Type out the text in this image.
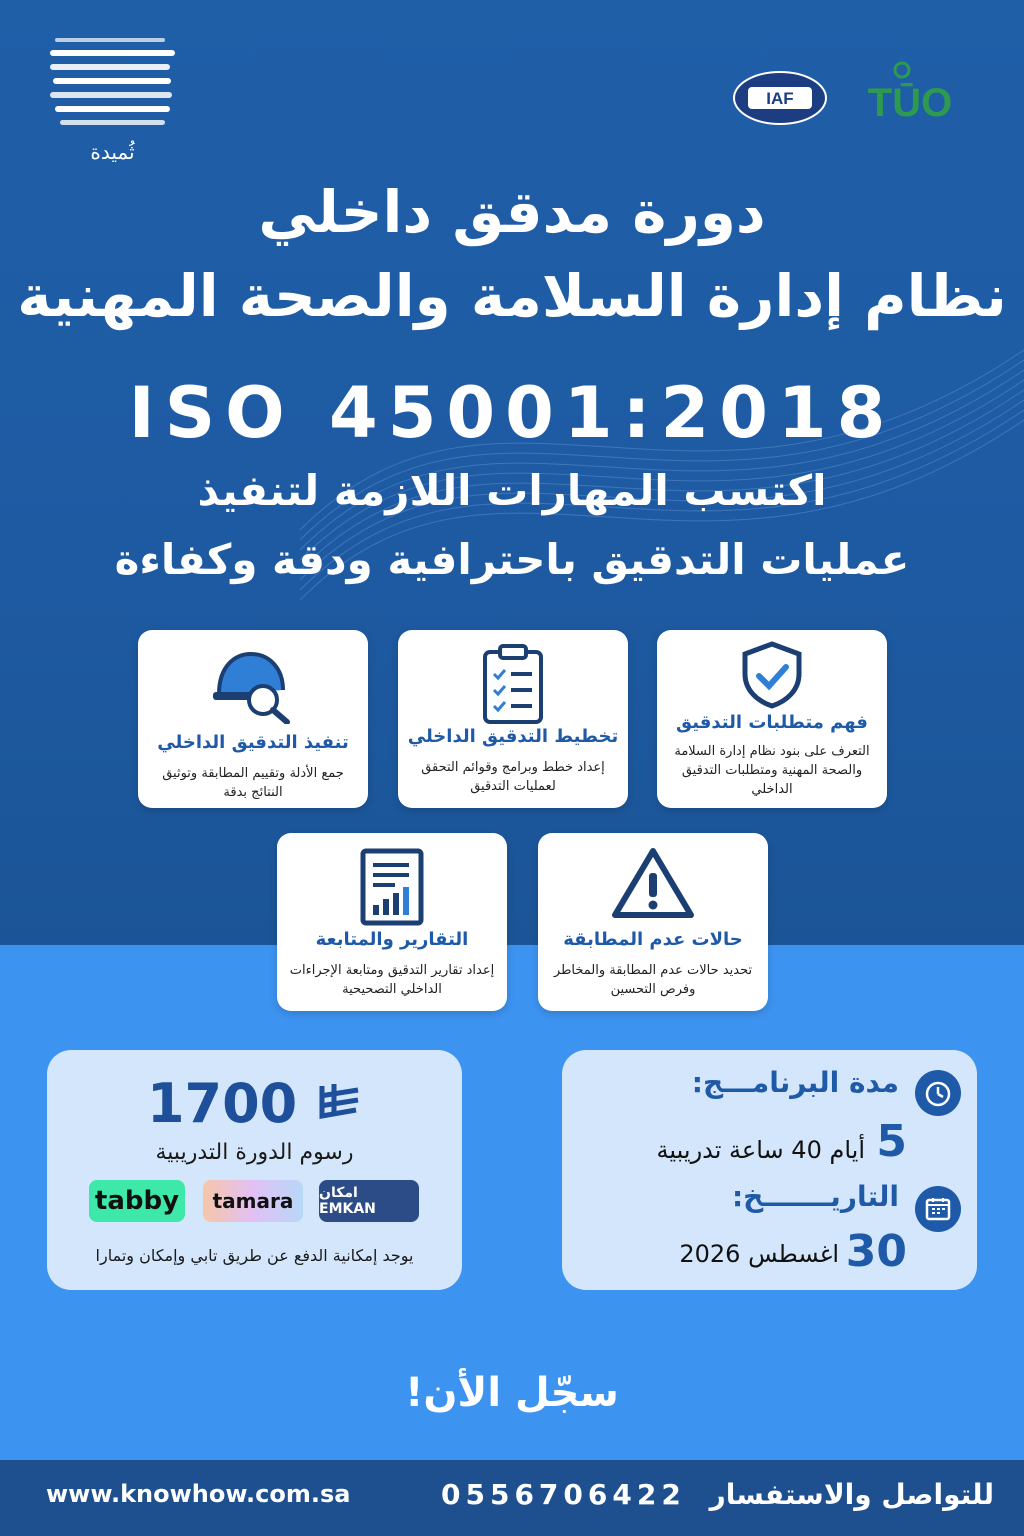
ثُميدة
IAF TŪO
دورة مدقق داخلي
نظام إدارة السلامة والصحة المهنية
ISO 45001:2018
اكتسب المهارات اللازمة لتنفيذ
عمليات التدقيق باحترافية ودقة وكفاءة
فهم متطلبات التدقيق
التعرف على بنود نظام إدارة السلامة والصحة المهنية ومتطلبات التدقيق الداخلي
تخطيط التدقيق الداخلي
إعداد خطط وبرامج وقوائم التحقق لعمليات التدقيق
تنفيذ التدقيق الداخلي
جمع الأدلة وتقييم المطابقة وتوثيق النتائج بدقة
حالات عدم المطابقة
تحديد حالات عدم المطابقة والمخاطر وفرص التحسين
التقارير والمتابعة
إعداد تقارير التدقيق ومتابعة الإجراءات الداخلي التصحيحية
1700
رسوم الدورة التدريبية
tabby	tamara	امكان EMKAN
يوجد إمكانية الدفع عن طريق تابي وإمكان وتمارا
مدة البرنامـــج:
5
أيام 40 ساعة تدريبية
التاريـــــــخ:
30
اغسطس 2026
سجّل الأن!
www.knowhow.com.sa	للتواصل والاستفسار 0556706422
